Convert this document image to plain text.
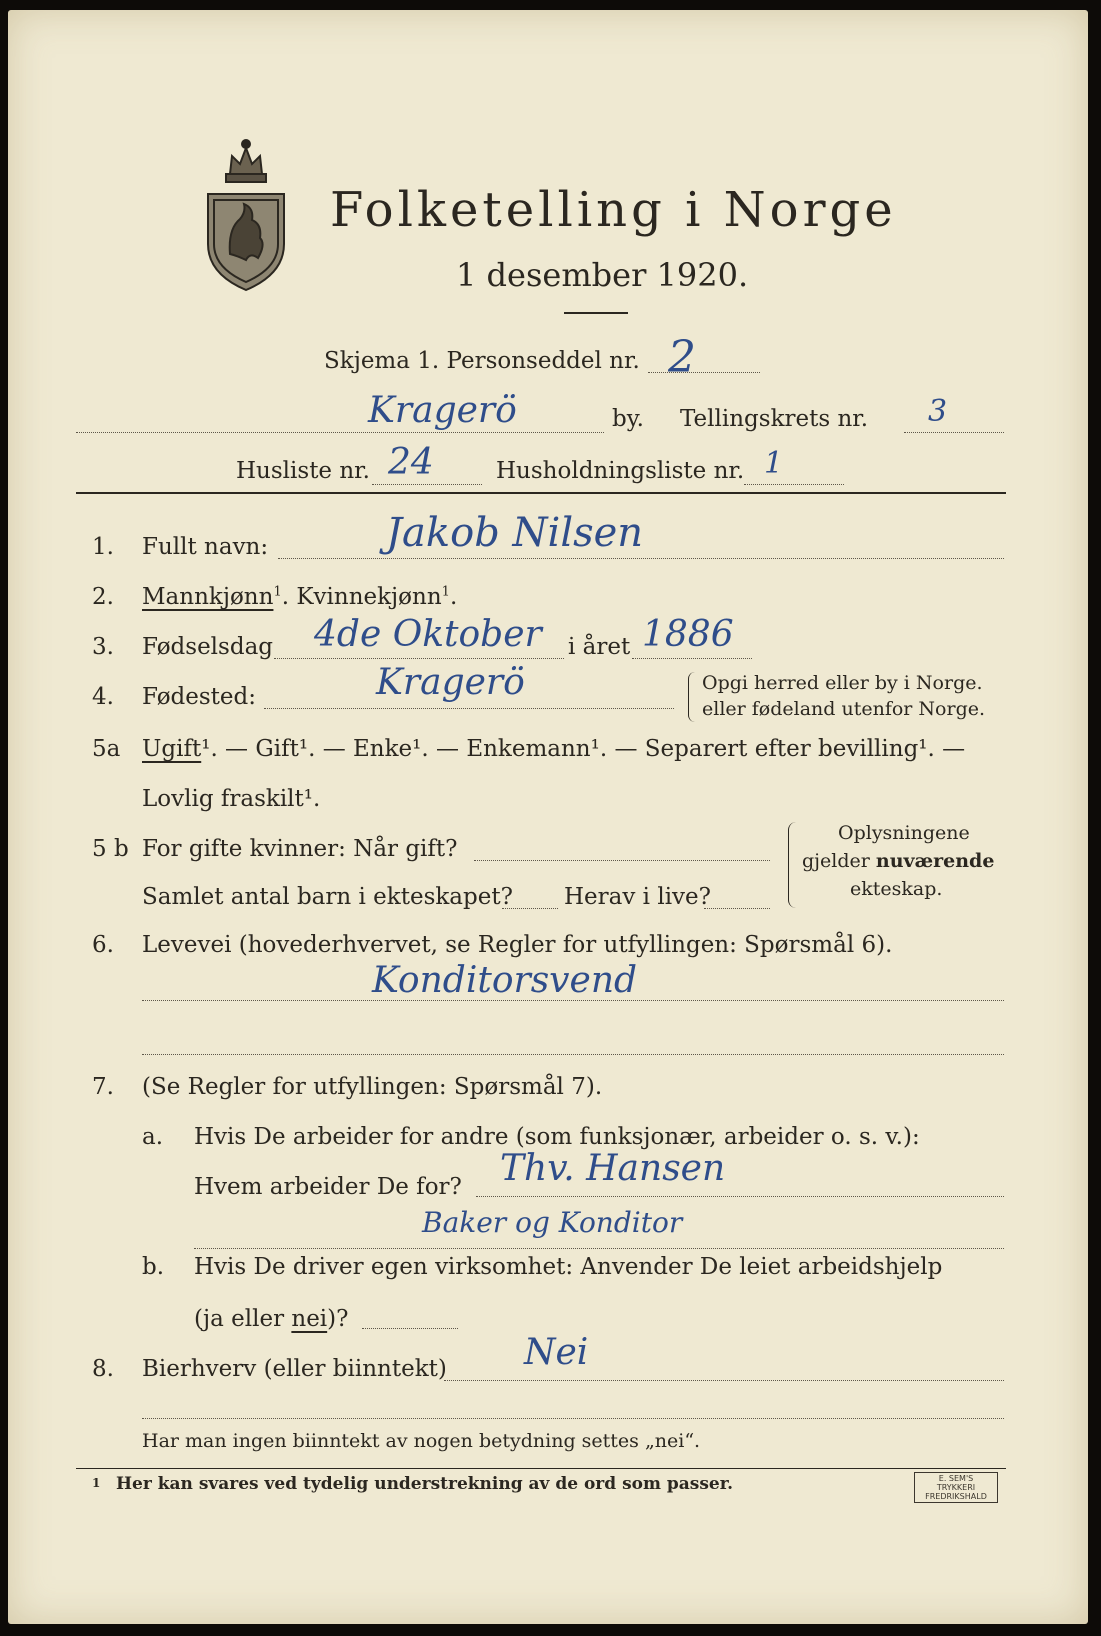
Folketelling i Norge
1 desember 1920.
Skjema 1. Personseddel nr. 2
Kragerö	by. Tellingskrets nr. 3
Husliste nr. 24	Husholdningsliste nr. 1
1. Fullt navn:	Jakob Nilsen
2. Mannkjønn$^1$. Kvinnekjønn$^1$.
3. Fødselsdag 4de Oktober i året 1886
4. Fødested:	Kragerö	Opgi herred eller by i Norge.
eller fødeland utenfor Norge.
5a Ugift¹. — Gift¹. — Enke¹. — Enkemann¹. — Separert efter bevilling¹. —
Lovlig fraskilt¹.
5 b For gifte kvinner: Når gift?
Samlet antal barn i ekteskapet? Herav i live?
Oplysningene
gjelder nuværende
ekteskap.
6. Levevei (hovederhvervet, se Regler for utfyllingen: Spørsmål 6).
Konditorsvend
7. (Se Regler for utfyllingen: Spørsmål 7).
a. Hvis De arbeider for andre (som funksjonær, arbeider o. s. v.):
Hvem arbeider De for? Thv. Hansen
Baker og Konditor
b. Hvis De driver egen virksomhet: Anvender De leiet arbeidshjelp
(ja eller nei)?
8. Bierhverv (eller biinntekt) Nei
Har man ingen biinntekt av nogen betydning settes „nei“.
1 Her kan svares ved tydelig understrekning av de ord som passer.	E. SEM'S TRYKKERI
FREDRIKSHALD
